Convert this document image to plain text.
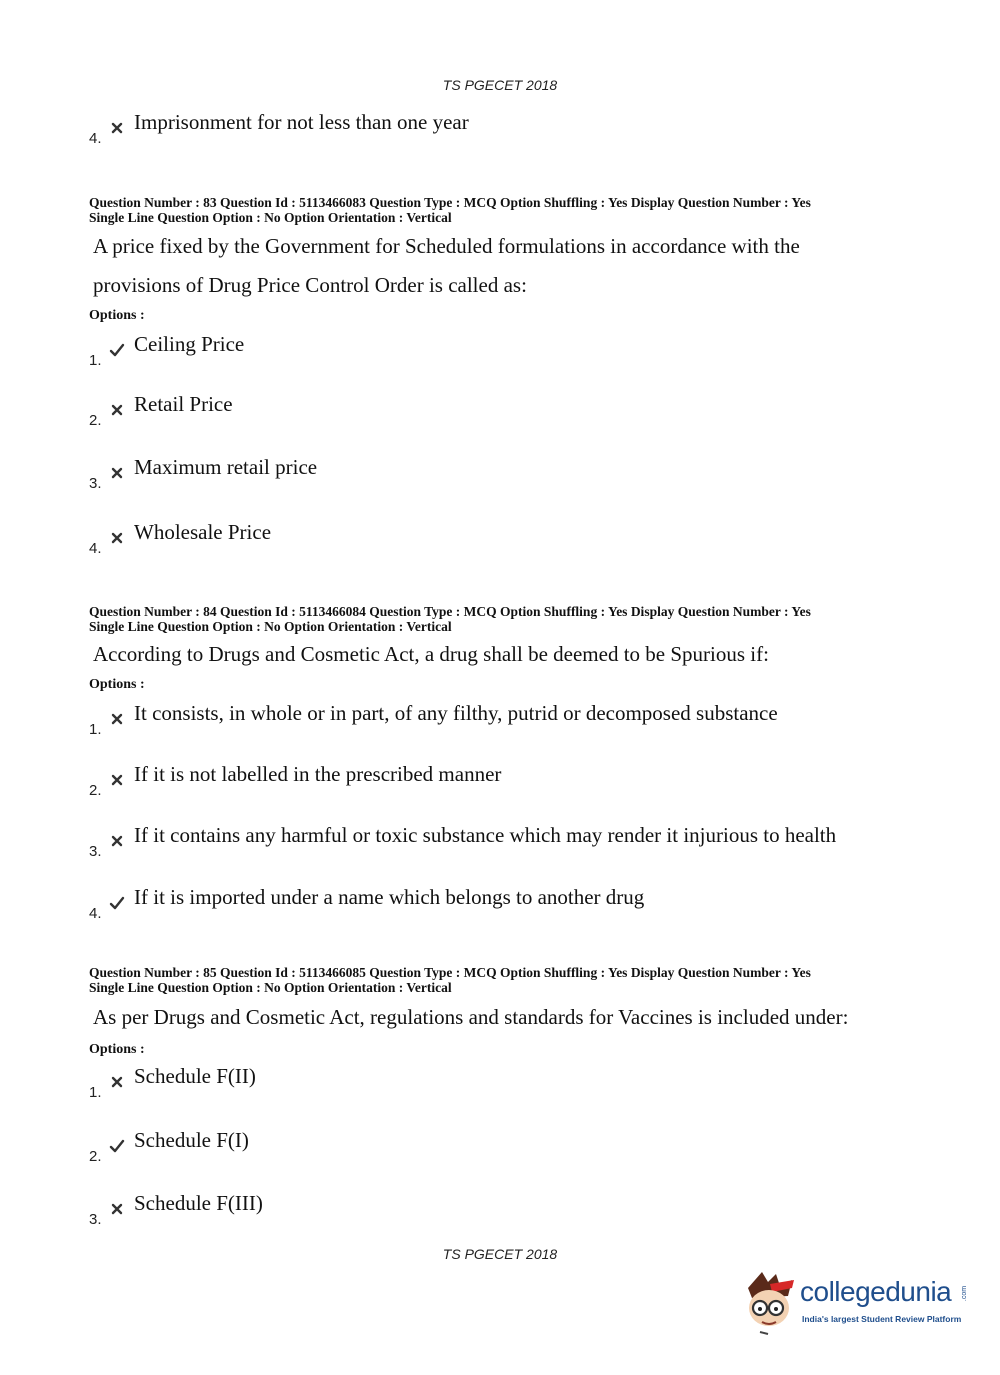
TS PGECET 2018
4.
Imprisonment for not less than one year
Question Number : 83 Question Id : 5113466083 Question Type : MCQ Option Shuffling : Yes Display Question Number : Yes
Single Line Question Option : No Option Orientation : Vertical
A price fixed by the Government for Scheduled formulations in accordance with the provisions of Drug Price Control Order is called as:
Options :
1.
Ceiling Price
2.
Retail Price
3.
Maximum retail price
4.
Wholesale Price
Question Number : 84 Question Id : 5113466084 Question Type : MCQ Option Shuffling : Yes Display Question Number : Yes
Single Line Question Option : No Option Orientation : Vertical
According to Drugs and Cosmetic Act, a drug shall be deemed to be Spurious if:
Options :
1.
It consists, in whole or in part, of any filthy, putrid or decomposed substance
2.
If it is not labelled in the prescribed manner
3.
If it contains any harmful or toxic substance which may render it injurious to health
4.
If it is imported under a name which belongs to another drug
Question Number : 85 Question Id : 5113466085 Question Type : MCQ Option Shuffling : Yes Display Question Number : Yes
Single Line Question Option : No Option Orientation : Vertical
As per Drugs and Cosmetic Act, regulations and standards for Vaccines is included under:
Options :
1.
Schedule F(II)
2.
Schedule F(I)
3.
Schedule F(III)
TS PGECET 2018
collegedunia .com
India's largest Student Review Platform
